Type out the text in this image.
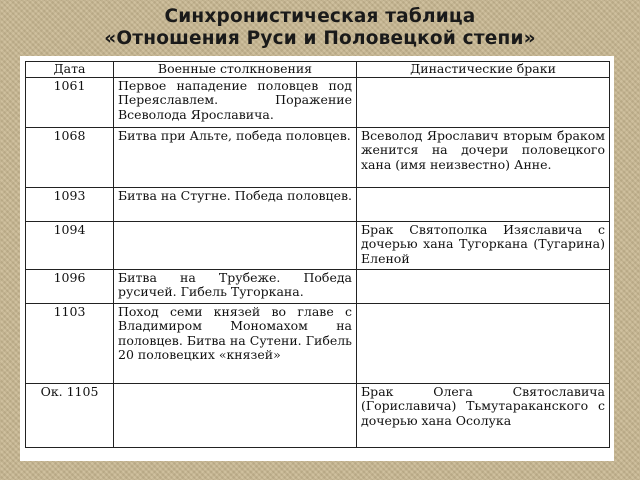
Синхронистическая таблица
«Отношения Руси и Половецкой степи»
Дата	Военные столкновения	Династические браки
1061	Первое нападение половцев под Переяславлем. Поражение Всеволода Ярославича.	
1068	Битва при Альте, победа половцев.	Всеволод Ярославич вторым браком женится на дочери половецкого хана (имя неизвестно) Анне.
1093	Битва на Стугне. Победа половцев.	
1094		Брак Святополка Изяславича с дочерью хана Тугоркана (Тугарина) Еленой
1096	Битва на Трубеже. Победа русичей. Гибель Тугоркана.	
1103	Поход семи князей во главе с Владимиром Мономахом на половцев. Битва на Сутени. Гибель 20 половецких «князей»	
Ок. 1105		Брак Олега Святославича (Гориславича) Тьмутараканского с дочерью хана Осолука
